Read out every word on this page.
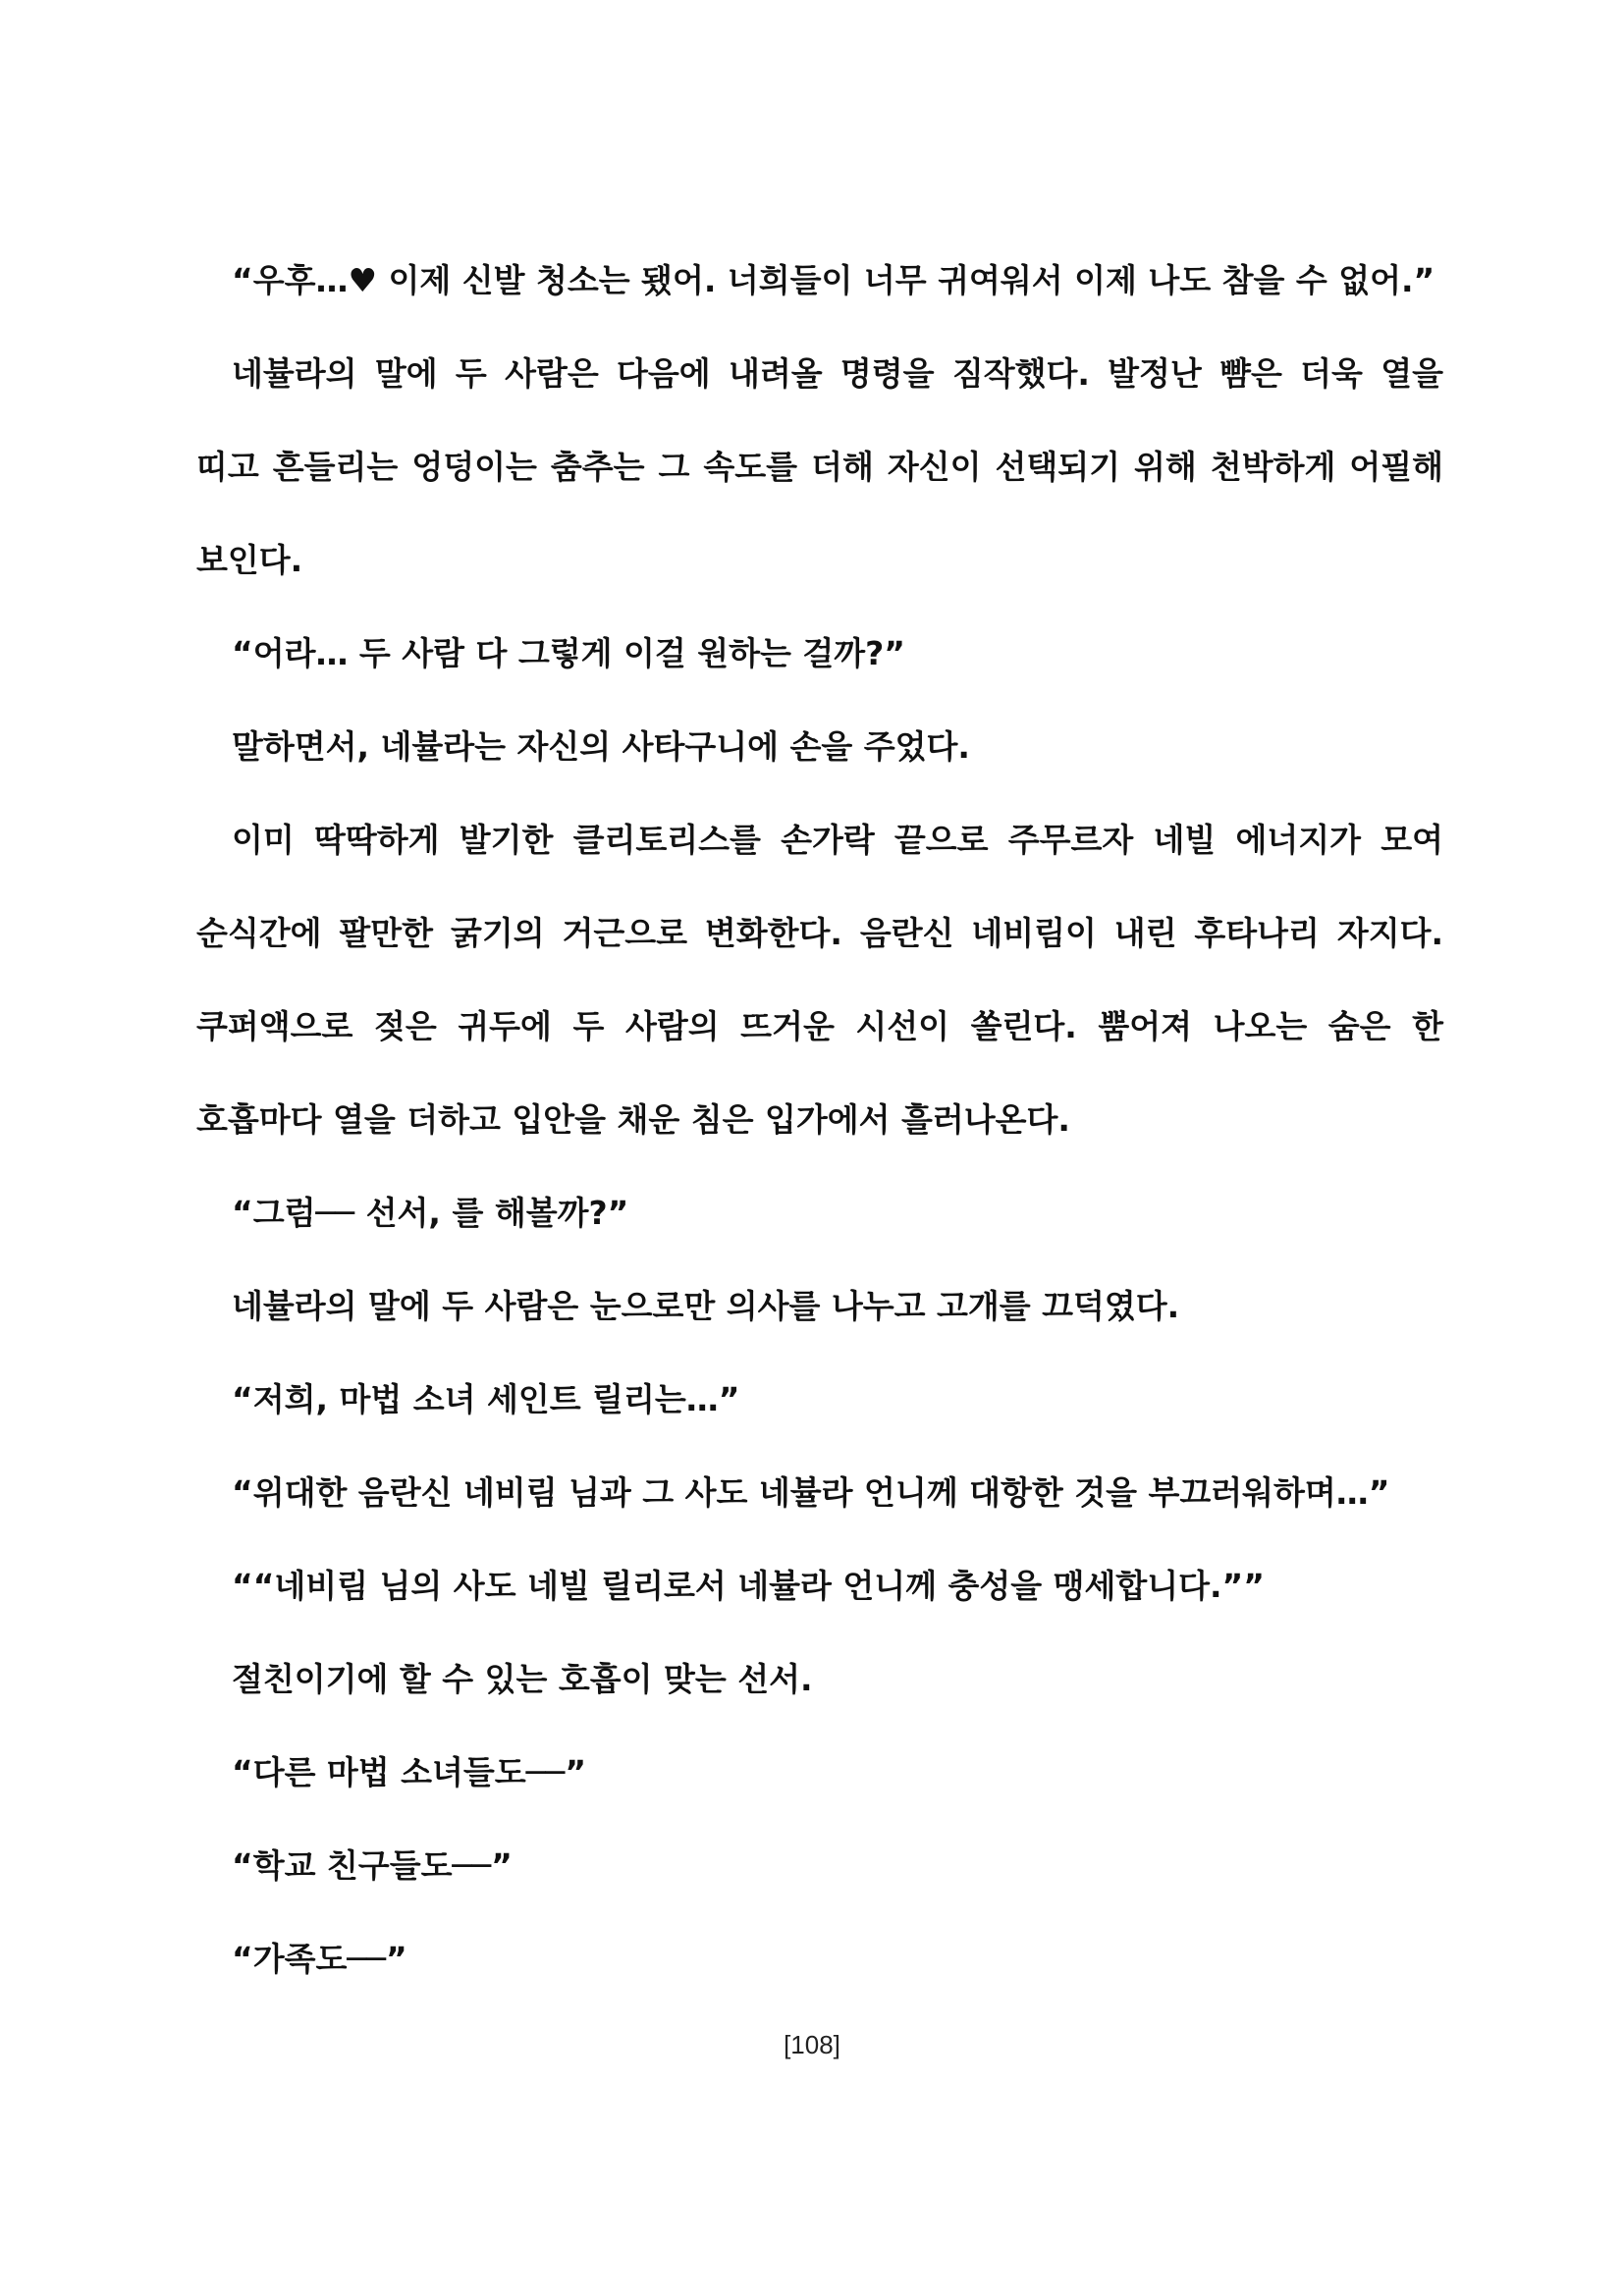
“우후…♥ 이제 신발 청소는 됐어. 너희들이 너무 귀여워서 이제 나도 참을 수 없어.”

네뷸라의 말에 두 사람은 다음에 내려올 명령을 짐작했다. 발정난 뺨은 더욱 열을 띠고 흔들리는 엉덩이는 춤추는 그 속도를 더해 자신이 선택되기 위해 천박하게 어필해 보인다.

“어라… 두 사람 다 그렇게 이걸 원하는 걸까?”

말하면서, 네뷸라는 자신의 사타구니에 손을 주었다.

이미 딱딱하게 발기한 클리토리스를 손가락 끝으로 주무르자 네빌 에너지가 모여 순식간에 팔만한 굵기의 거근으로 변화한다. 음란신 네비림이 내린 후타나리 자지다. 쿠퍼액으로 젖은 귀두에 두 사람의 뜨거운 시선이 쏠린다. 뿜어져 나오는 숨은 한 호흡마다 열을 더하고 입안을 채운 침은 입가에서 흘러나온다.

“그럼── 선서, 를 해볼까?”

네뷸라의 말에 두 사람은 눈으로만 의사를 나누고 고개를 끄덕였다.

“저희, 마법 소녀 세인트 릴리는…”

“위대한 음란신 네비림 님과 그 사도 네뷸라 언니께 대항한 것을 부끄러워하며…”

““네비림 님의 사도 네빌 릴리로서 네뷸라 언니께 충성을 맹세합니다.””

절친이기에 할 수 있는 호흡이 맞는 선서.

“다른 마법 소녀들도──”

“학교 친구들도──”

“가족도──”

[108]
